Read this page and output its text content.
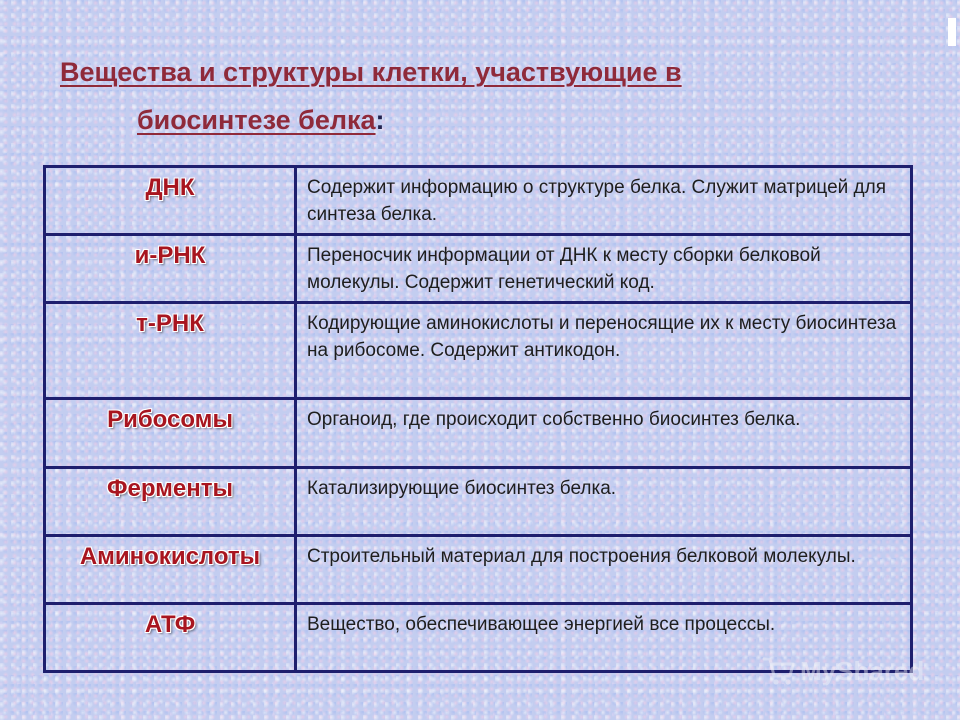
Вещества и структуры клетки, участвующие в
биосинтезе белка:
ДНК	Содержит информацию о структуре белка. Служит матрицей для синтеза белка.
и-РНК	Переносчик информации от ДНК к месту сборки белковой молекулы. Содержит генетический код.
т-РНК	Кодирующие аминокислоты и переносящие их к месту биосинтеза на рибосоме. Содержит антикодон.
Рибосомы	Органоид, где происходит собственно биосинтез белка.
Ферменты	Катализирующие биосинтез белка.
Аминокислоты	Строительный материал для построения белковой молекулы.
АТФ	Вещество, обеспечивающее энергией все процессы.
MyShared
